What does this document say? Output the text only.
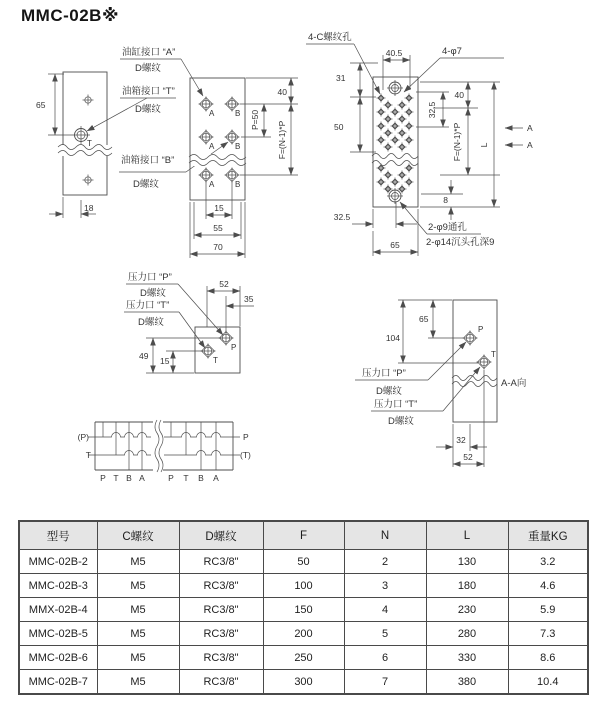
MMC-02B※
T
65
18
油缸接口 “A”
D螺纹
油箱接口 “T”
D螺纹
油箱接口 “B”
D螺纹
A	B
A	B
A	B
40
P=50
F=(N-1)*P
15
55
70
4-C螺纹孔
4-φ7
40.5
31
50
32.5
40
F=(N-1)*P L
A
A
8
32.5
65
2-φ9通孔
2-φ14沉头孔深9
P
T
压力口 “P”
D螺纹
压力口 “T”
D螺纹
52
35
49 15
(P)
T
P
(T)
P T B A	P T B A
P
T
65
104
A-A向
32
52
压力口 “P”
D螺纹
压力口 “T”
D螺纹
型号	C螺纹	D螺纹	F	N	L	重量KG
MMC-02B-2	M5	RC3/8"	50	2	130	3.2
MMC-02B-3	M5	RC3/8"	100	3	180	4.6
MMX-02B-4	M5	RC3/8"	150	4	230	5.9
MMC-02B-5	M5	RC3/8"	200	5	280	7.3
MMC-02B-6	M5	RC3/8"	250	6	330	8.6
MMC-02B-7	M5	RC3/8"	300	7	380	10.4
